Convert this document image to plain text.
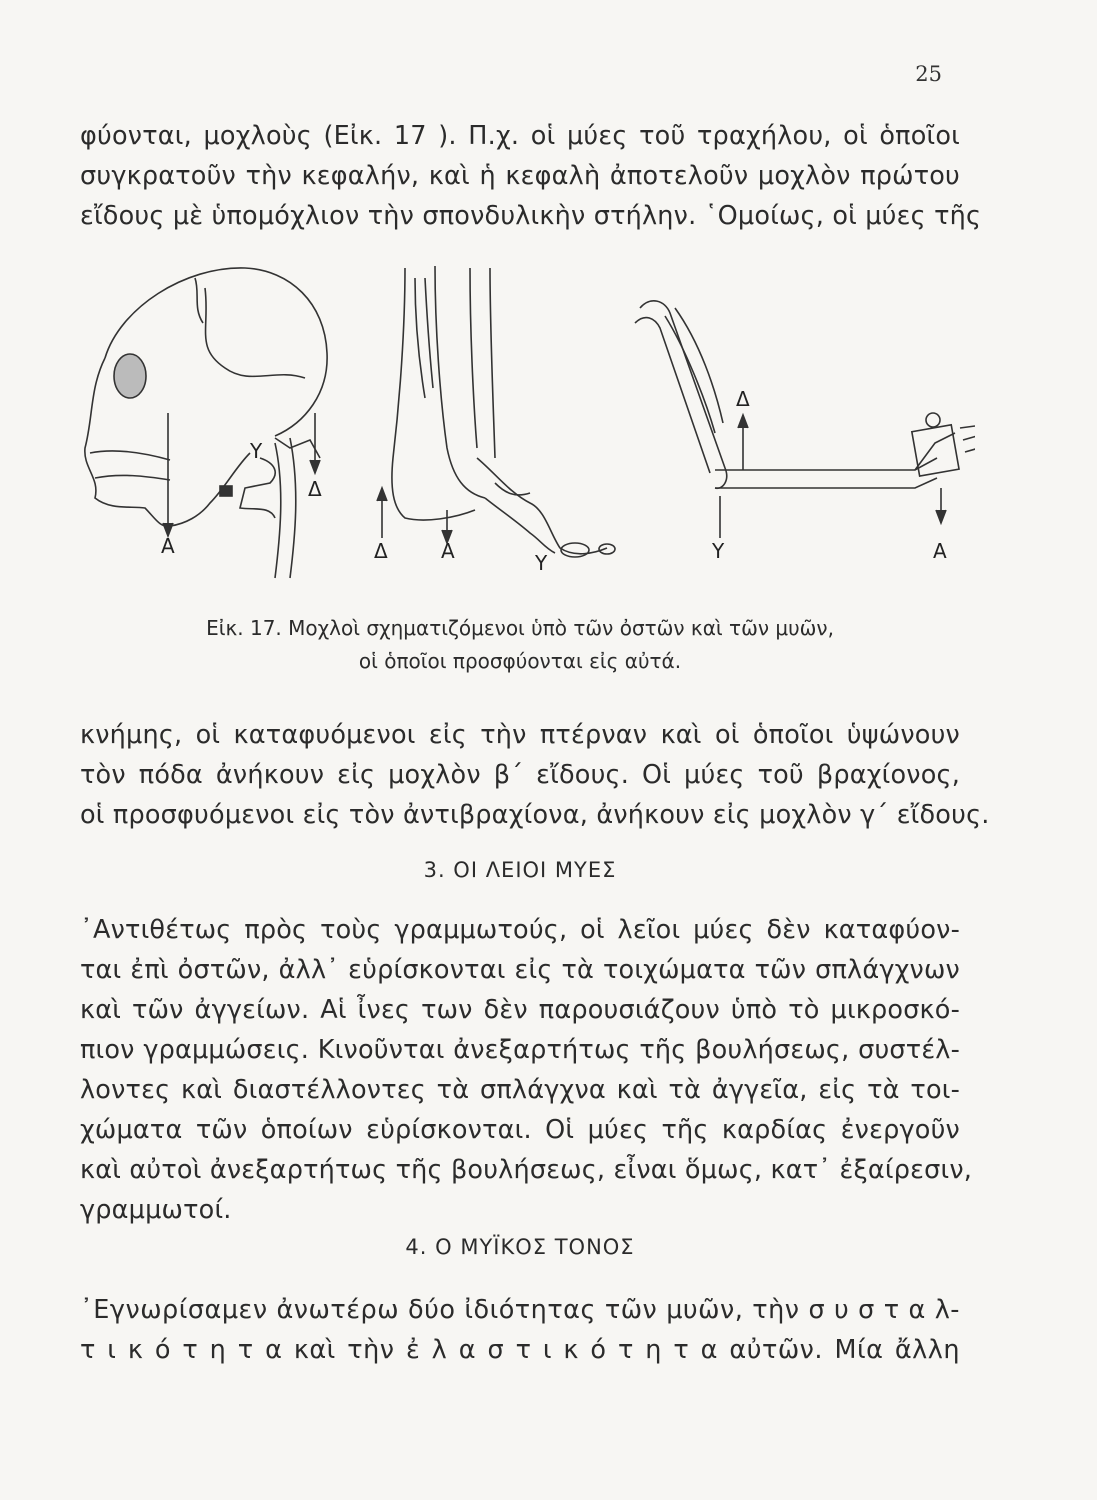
25
φύονται, μοχλοὺς (Εἰκ. 17 ). Π.χ. οἱ μύες τοῦ τραχήλου, οἱ ὁποῖοι
συγκρατοῦν τὴν κεφαλήν, καὶ ἡ κεφαλὴ ἀποτελοῦν μοχλὸν πρώτου
εἴδους μὲ ὑπομόχλιον τὴν σπονδυλικὴν στήλην. ῾Ομοίως, οἱ μύες τῆς
A
Δ
Y
Δ	A	Y
Δ
Y	A
Εἰκ. 17. Μοχλοὶ σχηματιζόμενοι ὑπὸ τῶν ὀστῶν καὶ τῶν μυῶν,
οἱ ὁποῖοι προσφύονται εἰς αὐτά.
κνήμης, οἱ καταφυόμενοι εἰς τὴν πτέρναν καὶ οἱ ὁποῖοι ὑψώνουν
τὸν πόδα ἀνήκουν εἰς μοχλὸν β΄ εἴδους. Οἱ μύες τοῦ βραχίονος,
οἱ προσφυόμενοι εἰς τὸν ἀντιβραχίονα, ἀνήκουν εἰς μοχλὸν γ΄ εἴδους.
3. ΟΙ ΛΕΙΟΙ ΜΥΕΣ
᾿Αντιθέτως πρὸς τοὺς γραμμωτούς, οἱ λεῖοι μύες δὲν καταφύον-
ται ἐπὶ ὀστῶν, ἀλλ᾿ εὑρίσκονται εἰς τὰ τοιχώματα τῶν σπλάγχνων
καὶ τῶν ἀγγείων. Αἱ ἶνες των δὲν παρουσιάζουν ὑπὸ τὸ μικροσκό-
πιον γραμμώσεις. Κινοῦνται ἀνεξαρτήτως τῆς βουλήσεως, συστέλ-
λοντες καὶ διαστέλλοντες τὰ σπλάγχνα καὶ τὰ ἀγγεῖα, εἰς τὰ τοι-
χώματα τῶν ὁποίων εὑρίσκονται. Οἱ μύες τῆς καρδίας ἐνεργοῦν
καὶ αὐτοὶ ἀνεξαρτήτως τῆς βουλήσεως, εἶναι ὅμως, κατ᾿ ἐξαίρεσιν,
γραμμωτοί.
4. Ο ΜΥΪΚΟΣ ΤΟΝΟΣ
᾿Εγνωρίσαμεν ἀνωτέρω δύο ἰδιότητας τῶν μυῶν, τὴν σ υ σ τ α λ-
τ ι κ ό τ η τ α καὶ τὴν ἐ λ α σ τ ι κ ό τ η τ α αὐτῶν. Μία ἄλλη
